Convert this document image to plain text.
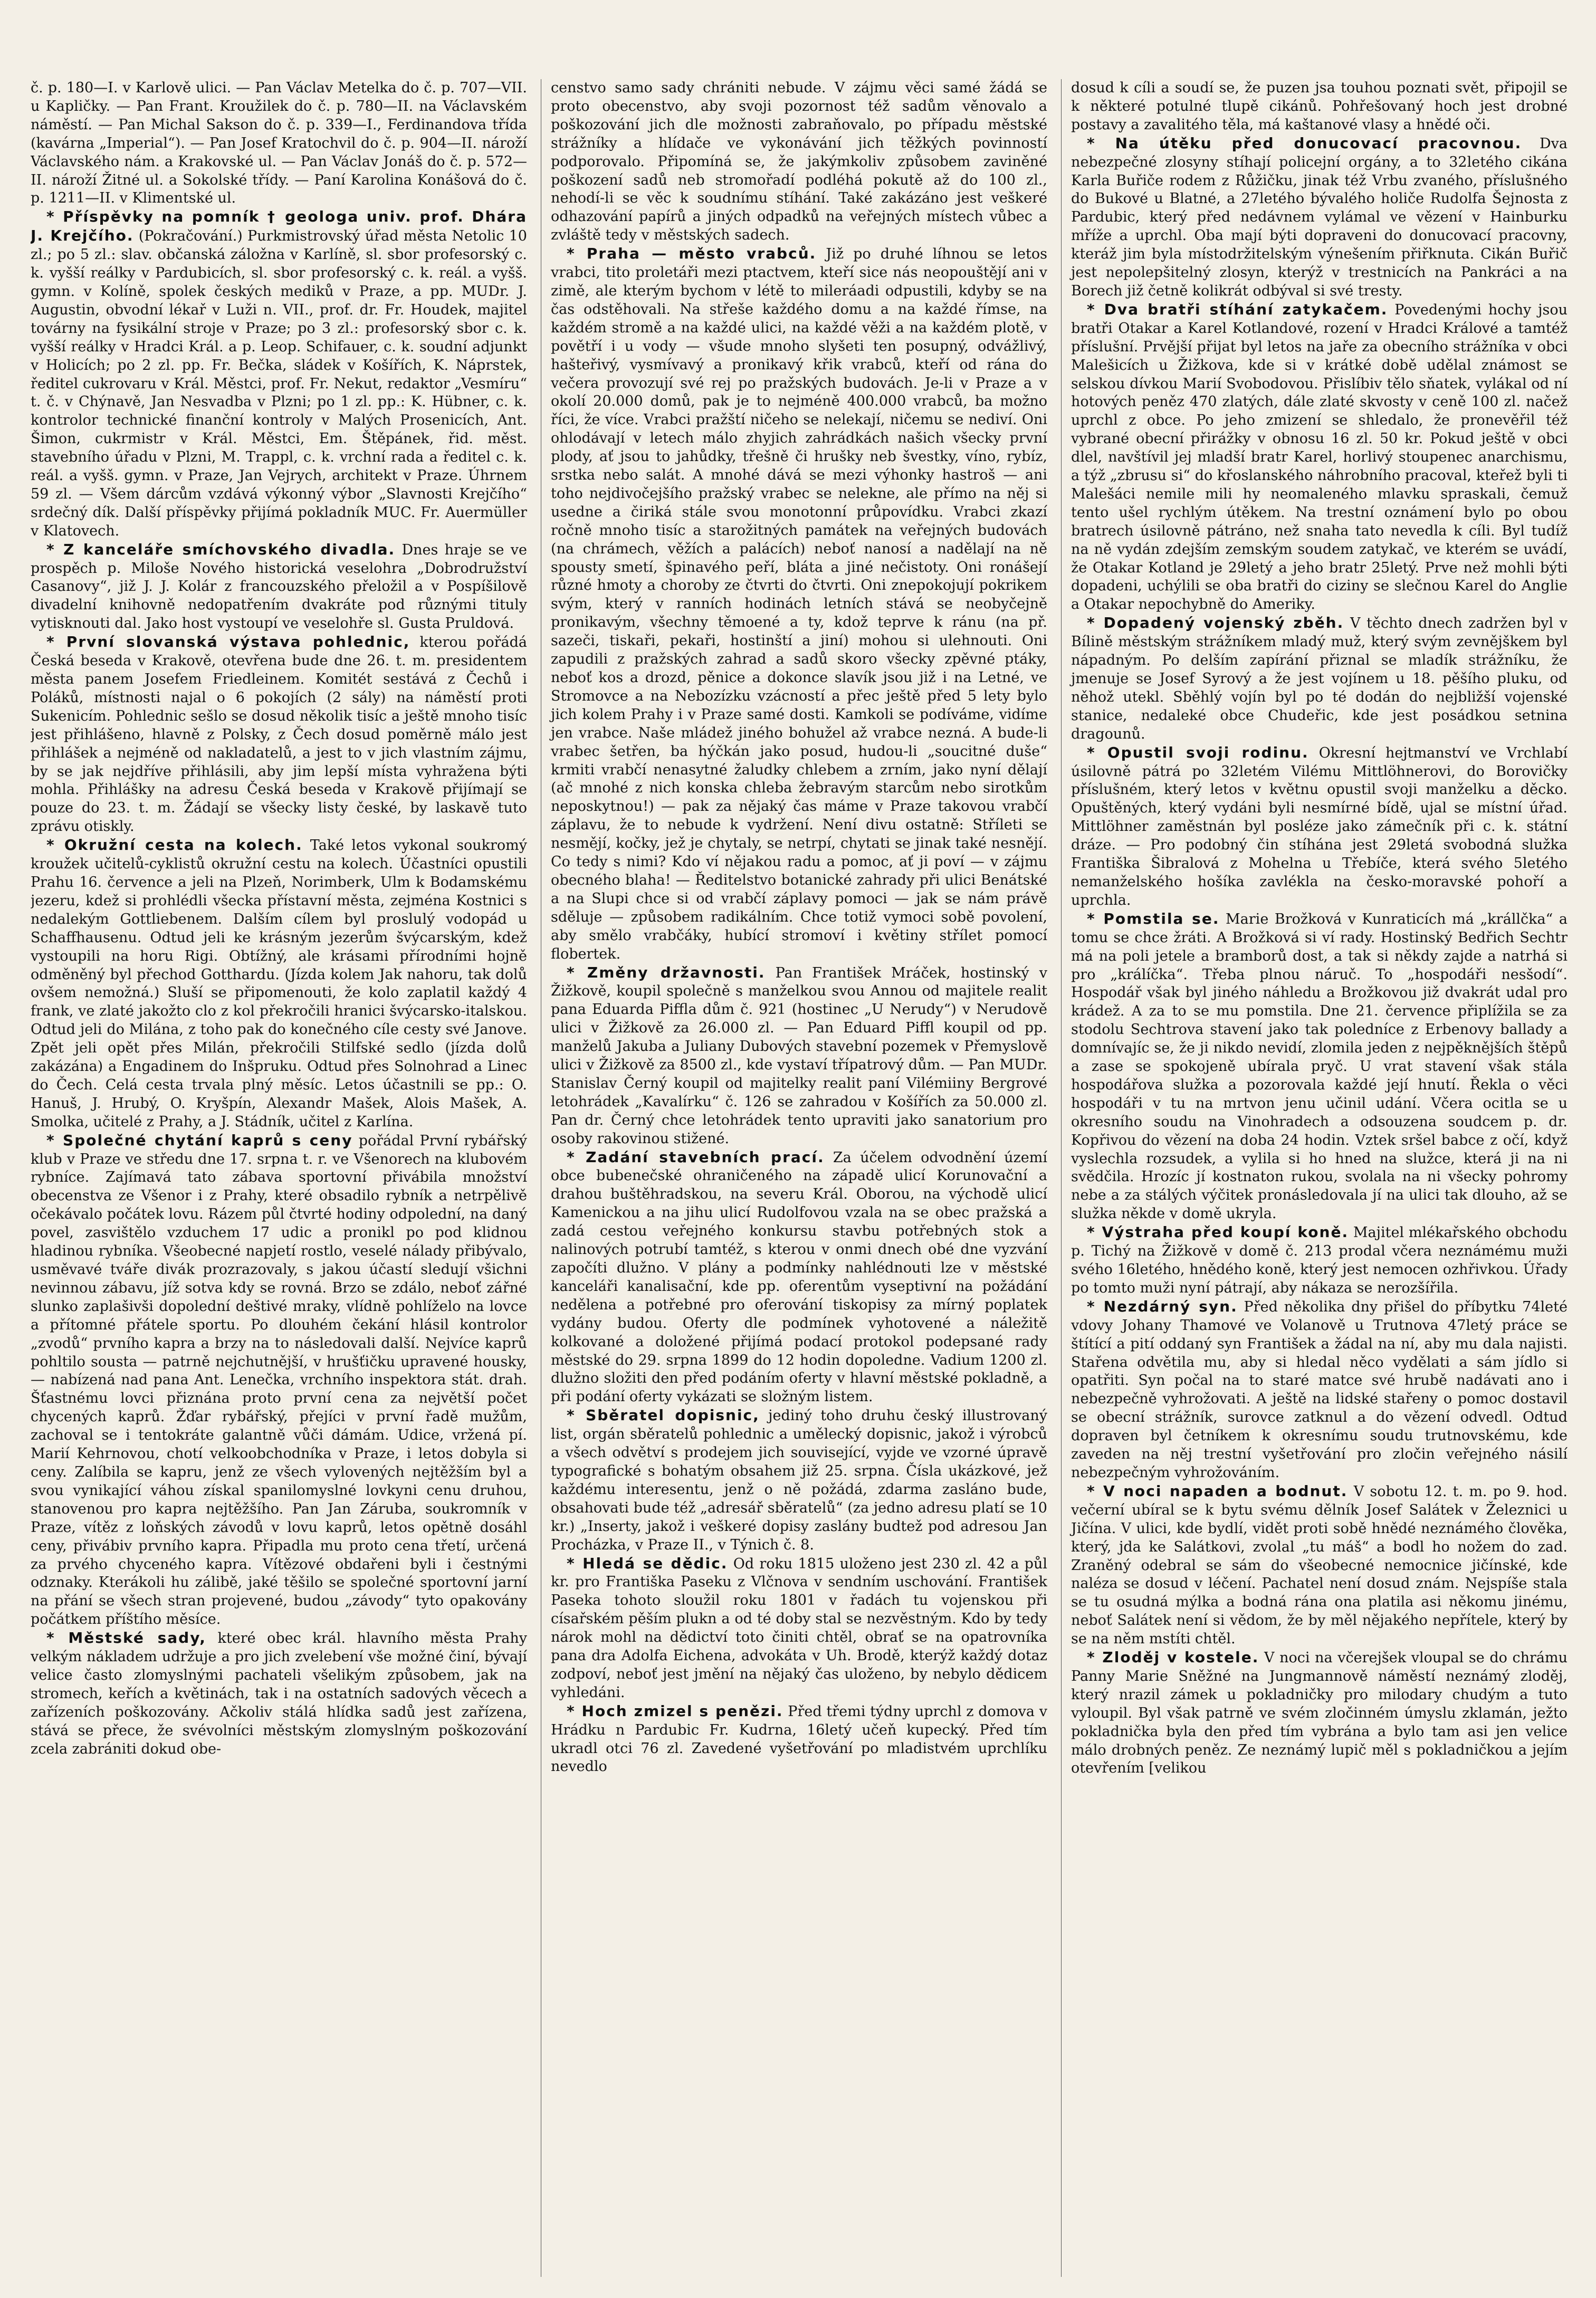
č. p. 180—I. v Karlově ulici. — Pan Václav Metelka do č. p. 707—VII. u Kapličky. — Pan Frant. Kroužilek do č. p. 780—II. na Václavském náměstí. — Pan Michal Sakson do č. p. 339—I., Ferdinandova třída (kavárna „Imperial“). — Pan Josef Kratochvil do č. p. 904—II. nároží Václavského nám. a Krakovské ul. — Pan Václav Jonáš do č. p. 572—II. nároží Žitné ul. a Sokolské třídy. — Paní Karolina Konášová do č. p. 1211—II. v Klimentské ul.

* Příspěvky na pomník † geologa univ. prof. Dhára J. Krejčího. (Pokračování.) Purkmistrovský úřad města Netolic 10 zl.; po 5 zl.: slav. občanská záložna v Karlíně, sl. sbor profesorský c. k. vyšší reálky v Pardubicích, sl. sbor profesorský c. k. reál. a vyšš. gymn. v Kolíně, spolek českých mediků v Praze, a pp. MUDr. J. Augustin, obvodní lékař v Luži n. VII., prof. dr. Fr. Houdek, majitel továrny na fysikální stroje v Praze; po 3 zl.: profesorský sbor c. k. vyšší reálky v Hradci Král. a p. Leop. Schifauer, c. k. soudní adjunkt v Holicích; po 2 zl. pp. Fr. Bečka, sládek v Košířích, K. Náprstek, ředitel cukrovaru v Král. Městci, prof. Fr. Nekut, redaktor „Vesmíru“ t. č. v Chýnavě, Jan Nesvadba v Plzni; po 1 zl. pp.: K. Hübner, c. k. kontrolor technické finanční kontroly v Malých Prosenicích, Ant. Šimon, cukrmistr v Král. Městci, Em. Štěpánek, řid. měst. stavebního úřadu v Plzni, M. Trappl, c. k. vrchní rada a ředitel c. k. reál. a vyšš. gymn. v Praze, Jan Vejrych, architekt v Praze. Úhrnem 59 zl. — Všem dárcům vzdává výkonný výbor „Slavnosti Krejčího“ srdečný dík. Další příspěvky přijímá pokladník MUC. Fr. Auermüller v Klatovech.

* Z kanceláře smíchovského divadla. Dnes hraje se ve prospěch p. Miloše Nového historická veselohra „Dobrodružství Casanovy“, již J. J. Kolár z francouzského přeložil a v Pospíšilově divadelní knihovně nedopatřením dvakráte pod různými tituly vytisknouti dal. Jako host vystoupí ve veselohře sl. Gusta Pruldová.

* První slovanská výstava pohlednic, kterou pořádá Česká beseda v Krakově, otevřena bude dne 26. t. m. presidentem města panem Josefem Friedleinem. Komitét sestává z Čechů i Poláků, místnosti najal o 6 pokojích (2 sály) na náměstí proti Sukenicím. Pohlednic sešlo se dosud několik tisíc a ještě mnoho tisíc jest přihlášeno, hlavně z Polsky, z Čech dosud poměrně málo jest přihlášek a nejméně od nakladatelů, a jest to v jich vlastním zájmu, by se jak nejdříve přihlásili, aby jim lepší místa vyhražena býti mohla. Přihlášky na adresu Česká beseda v Krakově přijímají se pouze do 23. t. m. Žádají se všecky listy české, by laskavě tuto zprávu otiskly.

* Okružní cesta na kolech. Také letos vykonal soukromý kroužek učitelů-cyklistů okružní cestu na kolech. Účastníci opustili Prahu 16. července a jeli na Plzeň, Norimberk, Ulm k Bodamskému jezeru, kdež si prohlédli všecka přístavní města, zejména Kostnici s nedalekým Gottliebenem. Dalším cílem byl proslulý vodopád u Schaffhausenu. Odtud jeli ke krásným jezerům švýcarským, kdež vystoupili na horu Rigi. Obtížný, ale krásami přírodními hojně odměněný byl přechod Gotthardu. (Jízda kolem Jak nahoru, tak dolů ovšem nemožná.) Sluší se připomenouti, že kolo zaplatil každý 4 frank, ve zlaté jakožto clo z kol překročili hranici švýcarsko-italskou. Odtud jeli do Milána, z toho pak do konečného cíle cesty své Janove. Zpět jeli opět přes Milán, překročili Stilfské sedlo (jízda dolů zakázána) a Engadinem do Inšpruku. Odtud přes Solnohrad a Linec do Čech. Celá cesta trvala plný měsíc. Letos účastnili se pp.: O. Hanuš, J. Hrubý, O. Kryšpín, Alexandr Mašek, Alois Mašek, A. Smolka, učitelé z Prahy, a J. Stádník, učitel z Karlína.

* Společné chytání kaprů s ceny pořádal První rybářský klub v Praze ve středu dne 17. srpna t. r. ve Všenorech na klubovém rybníce. Zajímavá tato zábava sportovní přivábila množství obecenstva ze Všenor i z Prahy, které obsadilo rybník a netrpělivě očekávalo počátek lovu. Rázem půl čtvrté hodiny odpolední, na daný povel, zasvištělo vzduchem 17 udic a pronikl po pod klidnou hladinou rybníka. Všeobecné napjetí rostlo, veselé nálady přibývalo, usměvavé tváře divák prozrazovaly, s jakou účastí sledují všichni nevinnou zábavu, jíž sotva kdy se rovná. Brzo se zdálo, neboť zářné slunko zaplašivši dopolední deštivé mraky, vlídně pohlíželo na lovce a přítomné přátele sportu. Po dlouhém čekání hlásil kontrolor „zvodů“ prvního kapra a brzy na to následovali další. Nejvíce kaprů pohltilo sousta — patrně nejchutnější, v hrušťičku upravené housky, — nabízená nad pana Ant. Lenečka, vrchního inspektora stát. drah. Šťastnému lovci přiznána proto první cena za největší počet chycených kaprů. Žďar rybářský, přejíci v první řadě mužům, zachoval se i tentokráte galantně vůči dámám. Udice, vržená pí. Marií Kehrnovou, chotí velkoobchodníka v Praze, i letos dobyla si ceny. Zalíbila se kapru, jenž ze všech vylovených nejtěžším byl a svou vynikající váhou získal spanilomyslné lovkyni cenu druhou, stanovenou pro kapra nejtěžšího. Pan Jan Záruba, soukromník v Praze, vítěz z loňských závodů v lovu kaprů, letos opětně dosáhl ceny, přivábiv prvního kapra. Připadla mu proto cena třetí, určená za prvého chyceného kapra. Vítězové obdařeni byli i čestnými odznaky. Kterákoli hu zálibě, jaké těšilo se společné sportovní jarní na přání se všech stran projevené, budou „závody“ tyto opakovány počátkem příštího měsíce.

* Městské sady, které obec král. hlavního města Prahy velkým nákladem udržuje a pro jich zvelebení vše možné činí, bývají velice často zlomyslnými pachateli všelikým způsobem, jak na stromech, keřích a květinách, tak i na ostatních sadových věcech a zařízeních poškozovány. Ačkoliv stálá hlídka sadů jest zařízena, stává se přece, že svévolníci městským zlomyslným poškozování zcela zabrániti dokud obe-

censtvo samo sady chrániti nebude. V zájmu věci samé žádá se proto obecenstvo, aby svoji pozornost též sadům věnovalo a poškozování jich dle možnosti zabraňovalo, po případu městské strážníky a hlídače ve vykonávání jich těžkých povinností podporovalo. Připomíná se, že jakýmkoliv způsobem zaviněné poškození sadů neb stromořadí podléhá pokutě až do 100 zl., nehodí-li se věc k soudnímu stíhání. Také zakázáno jest veškeré odhazování papírů a jiných odpadků na veřejných místech vůbec a zvláště tedy v městských sadech.

* Praha — město vrabců. Již po druhé líhnou se letos vrabci, tito proletáři mezi ptactvem, kteří sice nás neopouštějí ani v zimě, ale kterým bychom v létě to mileráadi odpustili, kdyby se na čas odstěhovali. Na střeše každého domu a na každé římse, na každém stromě a na každé ulici, na každé věži a na každém plotě, v povětří i u vody — všude mnoho slyšeti ten posupný, odvážlivý, hašteřivý, vysmívavý a pronikavý křik vrabců, kteří od rána do večera provozují své rej po pražských budovách. Je-li v Praze a v okolí 20.000 domů, pak je to nejméně 400.000 vrabců, ba možno říci, že více. Vrabci pražští ničeho se nelekají, ničemu se nediví. Oni ohlodávají v letech málo zhyjich zahrádkách našich všecky první plody, ať jsou to jahůdky, třešně či hrušky neb švestky, víno, rybíz, srstka nebo salát. A mnohé dává se mezi výhonky hastroš — ani toho nejdivočejšího pražský vrabec se nelekne, ale přímo na něj si usedne a čiriká stále svou monotonní průpovídku. Vrabci zkazí ročně mnoho tisíc a starožitných památek na veřejných budovách (na chrámech, věžích a palácích) neboť nanosí a nadělají na ně spousty smetí, špinavého peří, bláta a jiné nečistoty. Oni ronášejí různé hmoty a choroby ze čtvrti do čtvrti. Oni znepokojují pokrikem svým, který v ranních hodinách letních stává se neobyčejně pronikavým, všechny těmoené a ty, kdož teprve k ránu (na př. sazeči, tiskaři, pekaři, hostinští a jiní) mohou si ulehnouti. Oni zapudili z pražských zahrad a sadů skoro všecky zpěvné ptáky, neboť kos a drozd, pěnice a dokonce slavík jsou již i na Letné, ve Stromovce a na Nebozízku vzácností a přec ještě před 5 lety bylo jich kolem Prahy i v Praze samé dosti. Kamkoli se podíváme, vidíme jen vrabce. Naše mládež jiného bohužel až vrabce nezná. A bude-li vrabec šetřen, ba hýčkán jako posud, hudou-li „soucitné duše“ krmiti vrabčí nenasytné žaludky chlebem a zrním, jako nyní dělají (ač mnohé z nich konska chleba žebravým starcům nebo sirotkům neposkytnou!) — pak za nějaký čas máme v Praze takovou vrabčí záplavu, že to nebude k vydržení. Není divu ostatně: Stříleti se nesmějí, kočky, jež je chytaly, se netrpí, chytati se jinak také nesnějí. Co tedy s nimi? Kdo ví nějakou radu a pomoc, ať ji poví — v zájmu obecného blaha! — Ředitelstvo botanické zahrady při ulici Benátské a na Slupi chce si od vrabčí záplavy pomoci — jak se nám právě sděluje — způsobem radikálním. Chce totiž vymoci sobě povolení, aby smělo vrabčáky, hubící stromoví i květiny střílet pomocí flobertek.

* Změny državnosti. Pan František Mráček, hostinský v Žižkově, koupil společně s manželkou svou Annou od majitele realit pana Eduarda Piffla dům č. 921 (hostinec „U Nerudy“) v Nerudově ulici v Žižkově za 26.000 zl. — Pan Eduard Piffl koupil od pp. manželů Jakuba a Juliany Dubových stavební pozemek v Přemyslově ulici v Žižkově za 8500 zl., kde vystaví třípatrový dům. — Pan MUDr. Stanislav Černý koupil od majitelky realit paní Vilémiiny Bergrové letohrádek „Kavalírku“ č. 126 se zahradou v Košířích za 50.000 zl. Pan dr. Černý chce letohrádek tento upraviti jako sanatorium pro osoby rakovinou stižené.

* Zadání stavebních prací. Za účelem odvodnění území obce bubenečské ohraničeného na západě ulicí Korunovační a drahou buštěhradskou, na severu Král. Oborou, na východě ulicí Kamenickou a na jihu ulicí Rudolfovou vzala na se obec pražská a zadá cestou veřejného konkursu stavbu potřebných stok a nalinových potrubí tamtéž, s kterou v onmi dnech obé dne vyzvání započíti dlužno. V plány a podmínky nahlédnouti lze v městské kanceláři kanalisační, kde pp. oferentům vyseptivní na požádání nedělena a potřebné pro oferování tiskopisy za mírný poplatek vydány budou. Oferty dle podmínek vyhotovené a náležitě kolkované a doložené přijímá podací protokol podepsané rady městské do 29. srpna 1899 do 12 hodin dopoledne. Vadium 1200 zl. dlužno složiti den před podáním oferty v hlavní městské pokladně, a při podání oferty vykázati se složným listem.

* Sběratel dopisnic, jediný toho druhu český illustrovaný list, orgán sběratelů pohlednic a umělecký dopisnic, jakož i výrobců a všech odvětví s prodejem jich související, vyjde ve vzorné úpravě typografické s bohatým obsahem již 25. srpna. Čísla ukázkové, jež každému interesentu, jenž o ně požádá, zdarma zasláno bude, obsahovati bude též „adresář sběratelů“ (za jedno adresu platí se 10 kr.) „Inserty, jakož i veškeré dopisy zaslány budtež pod adresou Jan Procházka, v Praze II., v Týnich č. 8.

* Hledá se dědic. Od roku 1815 uloženo jest 230 zl. 42 a půl kr. pro Františka Paseku z Vlčnova v sendním uschování. František Paseka tohoto sloužil roku 1801 v řadách tu vojenskou při císařském pěším plukn a od té doby stal se nezvěstným. Kdo by tedy nárok mohl na dědictví toto činiti chtěl, obrať se na opatrovníka pana dra Adolfa Eichena, advokáta v Uh. Brodě, kterýž každý dotaz zodpoví, neboť jest jmění na nějaký čas uloženo, by nebylo dědicem vyhledáni.

* Hoch zmizel s penězi. Před třemi týdny uprchl z domova v Hrádku n Pardubic Fr. Kudrna, 16letý učeň kupecký. Před tím ukradl otci 76 zl. Zavedené vyšetřování po mladistvém uprchlíku nevedlo

dosud k cíli a soudí se, že puzen jsa touhou poznati svět, připojil se k některé potulné tlupě cikánů. Pohřešovaný hoch jest drobné postavy a zavalitého těla, má kaštanové vlasy a hnědé oči.

* Na útěku před donucovací pracovnou. Dva nebezpečné zlosyny stíhají policejní orgány, a to 32letého cikána Karla Buřiče rodem z Růžičku, jinak též Vrbu zvaného, příslušného do Bukové u Blatné, a 27letého bývalého holiče Rudolfa Šejnosta z Pardubic, který před nedávnem vylámal ve vězení v Hainburku mříže a uprchl. Oba mají býti dopraveni do donucovací pracovny, kteráž jim byla místodržitelským výnešením přiřknuta. Cikán Buřič jest nepolepšitelný zlosyn, kterýž v trestnicích na Pankráci a na Borech již četně kolikrát odbýval si své tresty.

* Dva bratři stíhání zatykačem. Povedenými hochy jsou bratři Otakar a Karel Kotlandové, rození v Hradci Králové a tamtéž příslušní. Prvější přijat byl letos na jaře za obecního strážníka v obci Malešicích u Žižkova, kde si v krátké době udělal známost se selskou dívkou Marií Svobodovou. Přislíbiv tělo sňatek, vylákal od ní hotových peněz 470 zlatých, dále zlaté skvosty v ceně 100 zl. načež uprchl z obce. Po jeho zmizení se shledalo, že pronevěřil též vybrané obecní přirážky v obnosu 16 zl. 50 kr. Pokud ještě v obci dlel, navštívil jej mladší bratr Karel, horlivý stoupenec anarchismu, a týž „zbrusu si“ do křoslanského náhrobního pracoval, kteřež byli ti Malešáci nemile mili hy neomaleného mlavku spraskali, čemuž tento ušel rychlým útěkem. Na trestní oznámení bylo po obou bratrech úsilovně pátráno, než snaha tato nevedla k cíli. Byl tudíž na ně vydán zdejším zemským soudem zatykač, ve kterém se uvádí, že Otakar Kotland je 29letý a jeho bratr 25letý. Prve než mohli býti dopadeni, uchýlili se oba bratři do ciziny se slečnou Karel do Anglie a Otakar nepochybně do Ameriky.

* Dopadený vojenský zběh. V těchto dnech zadržen byl v Bílině městským strážníkem mladý muž, který svým zevnějškem byl nápadným. Po delším zapírání přiznal se mladík strážníku, že jmenuje se Josef Syrový a že jest vojínem u 18. pěšího pluku, od něhož utekl. Sběhlý vojín byl po té dodán do nejbližší vojenské stanice, nedaleké obce Chudeřic, kde jest posádkou setnina dragounů.

* Opustil svoji rodinu. Okresní hejtmanství ve Vrchlabí úsilovně pátrá po 32letém Vilému Mittlöhnerovi, do Borovičky příslušném, který letos v květnu opustil svoji manželku a děcko. Opuštěných, který vydáni byli nesmírné bídě, ujal se místní úřad. Mittlöhner zaměstnán byl posléze jako zámečník při c. k. státní dráze. — Pro podobný čin stíhána jest 29letá svobodná služka Františka Šibralová z Mohelna u Třebíče, která svého 5letého nemanželského hošíka zavlékla na česko-moravské pohoří a uprchla.

* Pomstila se. Marie Brožková v Kunraticích má „krállčka“ a tomu se chce žráti. A Brožková si ví rady. Hostinský Bedřich Sechtr má na poli jetele a bramborů dost, a tak si někdy zajde a natrhá si pro „králíčka“. Třeba plnou náruč. To „hospodáři nesšodí“. Hospodář však byl jiného náhledu a Brožkovou již dvakrát udal pro krádež. A za to se mu pomstila. Dne 21. července připlížila se za stodolu Sechtrova stavení jako tak poledníce z Erbenovy ballady a domnívajíc se, že ji nikdo nevidí, zlomila jeden z nejpěknějších štěpů a zase se spokojeně ubírala pryč. U vrat stavení však stála hospodářova služka a pozorovala každé její hnutí. Řekla o věci hospodáři v tu na mrtvon jenu učinil udání. Včera ocitla se u okresního soudu na Vinohradech a odsouzena soudcem p. dr. Kopřivou do vězení na doba 24 hodin. Vztek sršel babce z očí, když vyslechla rozsudek, a vylila si ho hned na služce, která ji na ni svědčila. Hrozíc jí kostnaton rukou, svolala na ni všecky pohromy nebe a za stálých výčitek pronásledovala jí na ulici tak dlouho, až se služka někde v domě ukryla.

* Výstraha před koupí koně. Majitel mlékařského obchodu p. Tichý na Žižkově v domě č. 213 prodal včera neznámému muži svého 16letého, hnědého koně, který jest nemocen ozhřivkou. Úřady po tomto muži nyní pátrají, aby nákaza se nerozšířila.

* Nezdárný syn. Před několika dny přišel do příbytku 74leté vdovy Johany Thamové ve Volanově u Trutnova 47letý práce se štítící a pití oddaný syn František a žádal na ní, aby mu dala najisti. Stařena odvětila mu, aby si hledal něco vydělati a sám jídlo si opatřiti. Syn počal na to staré matce své hrubě nadávati ano i nebezpečně vyhrožovati. A ještě na lidské stařeny o pomoc dostavil se obecní strážník, surovce zatknul a do vězení odvedl. Odtud dopraven byl četníkem k okresnímu soudu trutnovskému, kde zaveden na něj trestní vyšetřování pro zločin veřejného násilí nebezpečným vyhrožováním.

* V noci napaden a bodnut. V sobotu 12. t. m. po 9. hod. večerní ubíral se k bytu svému dělník Josef Salátek v Železnici u Jičína. V ulici, kde bydlí, vidět proti sobě hnědé neznámého člověka, který, jda ke Salátkovi, zvolal „tu máš“ a bodl ho nožem do zad. Zraněný odebral se sám do všeobecné nemocnice jičínské, kde naléza se dosud v léčení. Pachatel není dosud znám. Nejspíše stala se tu osudná mýlka a bodná rána ona platila asi někomu jinému, neboť Salátek není si vědom, že by měl nějakého nepřítele, který by se na něm mstíti chtěl.

* Zloděj v kostele. V noci na včerejšek vloupal se do chrámu Panny Marie Sněžné na Jungmannově náměstí neznámý zloděj, který nrazil zámek u pokladničky pro milodary chudým a tuto vyloupil. Byl však patrně ve svém zločinném úmyslu zklamán, ježto pokladnička byla den před tím vybrána a bylo tam asi jen velice málo drobných peněz. Ze neznámý lupič měl s pokladničkou a jejím otevřením [velikou
